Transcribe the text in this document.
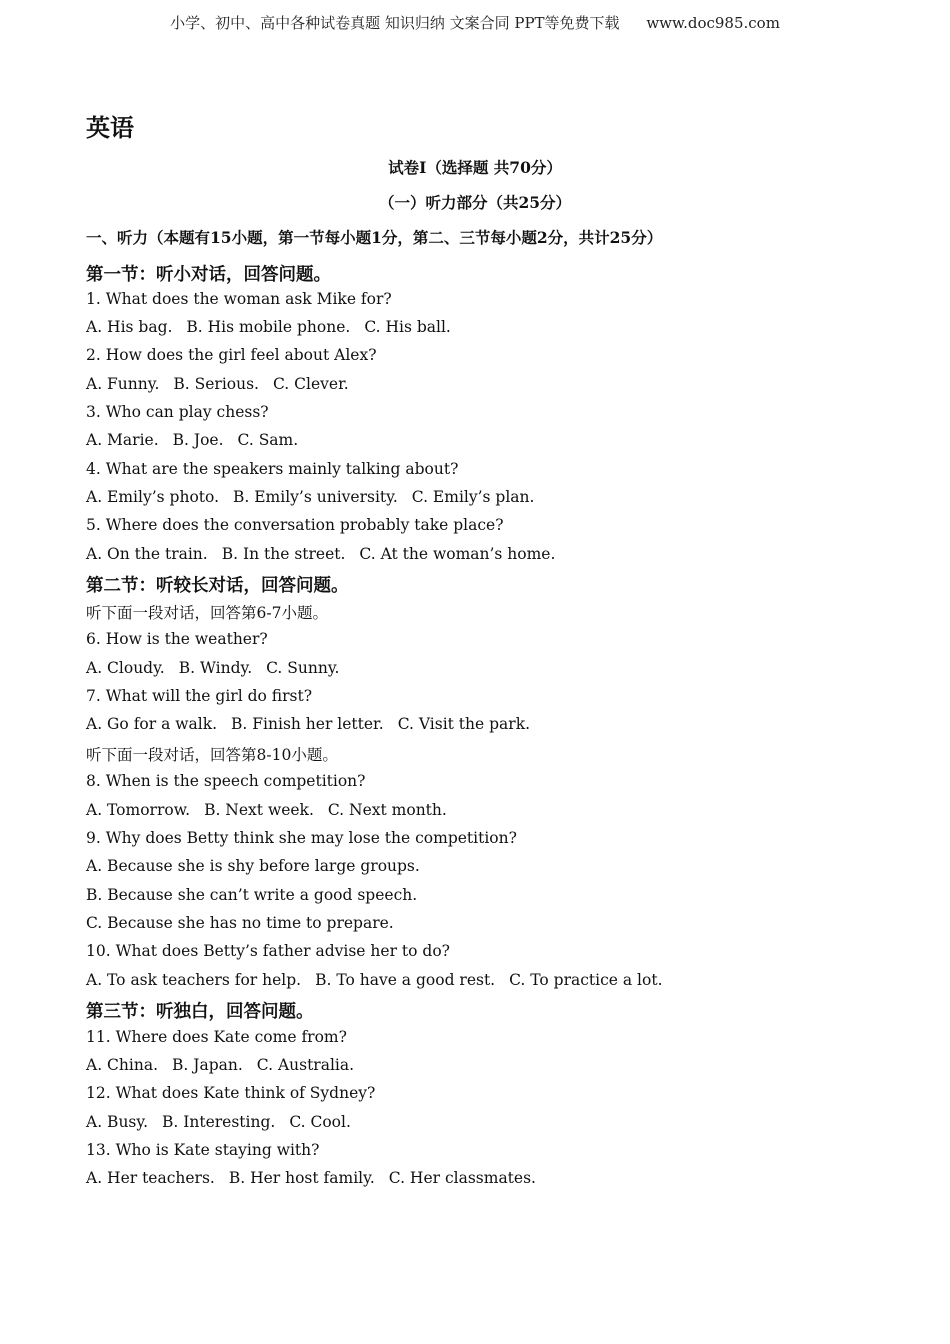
小学、初中、高中各种试卷真题 知识归纳 文案合同 PPT等免费下载 www.doc985.com
英语
试卷Ⅰ（选择题 共70分）
（一）听力部分（共25分）
一、听力（本题有15小题，第一节每小题1分，第二、三节每小题2分，共计25分）
第一节：听小对话，回答问题。
1. What does the woman ask Mike for?
A. His bag. B. His mobile phone. C. His ball.
2. How does the girl feel about Alex?
A. Funny. B. Serious. C. Clever.
3. Who can play chess?
A. Marie. B. Joe. C. Sam.
4. What are the speakers mainly talking about?
A. Emily’s photo. B. Emily’s university. C. Emily’s plan.
5. Where does the conversation probably take place?
A. On the train. B. In the street. C. At the woman’s home.
第二节：听较长对话，回答问题。
听下面一段对话，回答第6-7小题。
6. How is the weather?
A. Cloudy. B. Windy. C. Sunny.
7. What will the girl do first?
A. Go for a walk. B. Finish her letter. C. Visit the park.
听下面一段对话，回答第8-10小题。
8. When is the speech competition?
A. Tomorrow. B. Next week. C. Next month.
9. Why does Betty think she may lose the competition?
A. Because she is shy before large groups.
B. Because she can’t write a good speech.
C. Because she has no time to prepare.
10. What does Betty’s father advise her to do?
A. To ask teachers for help. B. To have a good rest. C. To practice a lot.
第三节：听独白，回答问题。
11. Where does Kate come from?
A. China. B. Japan. C. Australia.
12. What does Kate think of Sydney?
A. Busy. B. Interesting. C. Cool.
13. Who is Kate staying with?
A. Her teachers. B. Her host family. C. Her classmates.
